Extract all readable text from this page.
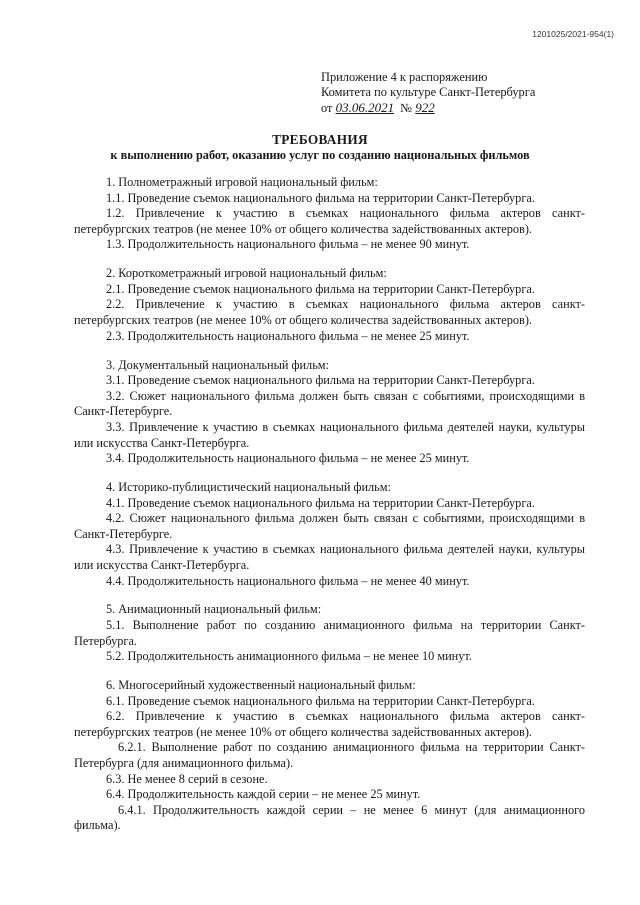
1201025/2021-954(1)
Приложение 4 к распоряжению
Комитета по культуре Санкт-Петербурга
от 03.06.2021 № 922
ТРЕБОВАНИЯ
к выполнению работ, оказанию услуг по созданию национальных фильмов
1. Полнометражный игровой национальный фильм:
1.1. Проведение съемок национального фильма на территории Санкт-Петербурга.
1.2. Привлечение к участию в съемках национального фильма актеров санкт-петербургских театров (не менее 10% от общего количества задействованных актеров).
1.3. Продолжительность национального фильма – не менее 90 минут.
2. Короткометражный игровой национальный фильм:
2.1. Проведение съемок национального фильма на территории Санкт-Петербурга.
2.2. Привлечение к участию в съемках национального фильма актеров санкт-петербургских театров (не менее 10% от общего количества задействованных актеров).
2.3. Продолжительность национального фильма – не менее 25 минут.
3. Документальный национальный фильм:
3.1. Проведение съемок национального фильма на территории Санкт-Петербурга.
3.2. Сюжет национального фильма должен быть связан с событиями, происходящими в Санкт-Петербурге.
3.3. Привлечение к участию в съемках национального фильма деятелей науки, культуры или искусства Санкт-Петербурга.
3.4. Продолжительность национального фильма – не менее 25 минут.
4. Историко-публицистический национальный фильм:
4.1. Проведение съемок национального фильма на территории Санкт-Петербурга.
4.2. Сюжет национального фильма должен быть связан с событиями, происходящими в Санкт-Петербурге.
4.3. Привлечение к участию в съемках национального фильма деятелей науки, культуры или искусства Санкт-Петербурга.
4.4. Продолжительность национального фильма – не менее 40 минут.
5. Анимационный национальный фильм:
5.1. Выполнение работ по созданию анимационного фильма на территории Санкт-Петербурга.
5.2. Продолжительность анимационного фильма – не менее 10 минут.
6. Многосерийный художественный национальный фильм:
6.1. Проведение съемок национального фильма на территории Санкт-Петербурга.
6.2. Привлечение к участию в съемках национального фильма актеров санкт-петербургских театров (не менее 10% от общего количества задействованных актеров).
6.2.1. Выполнение работ по созданию анимационного фильма на территории Санкт-Петербурга (для анимационного фильма).
6.3. Не менее 8 серий в сезоне.
6.4. Продолжительность каждой серии – не менее 25 минут.
6.4.1. Продолжительность каждой серии – не менее 6 минут (для анимационного фильма).
